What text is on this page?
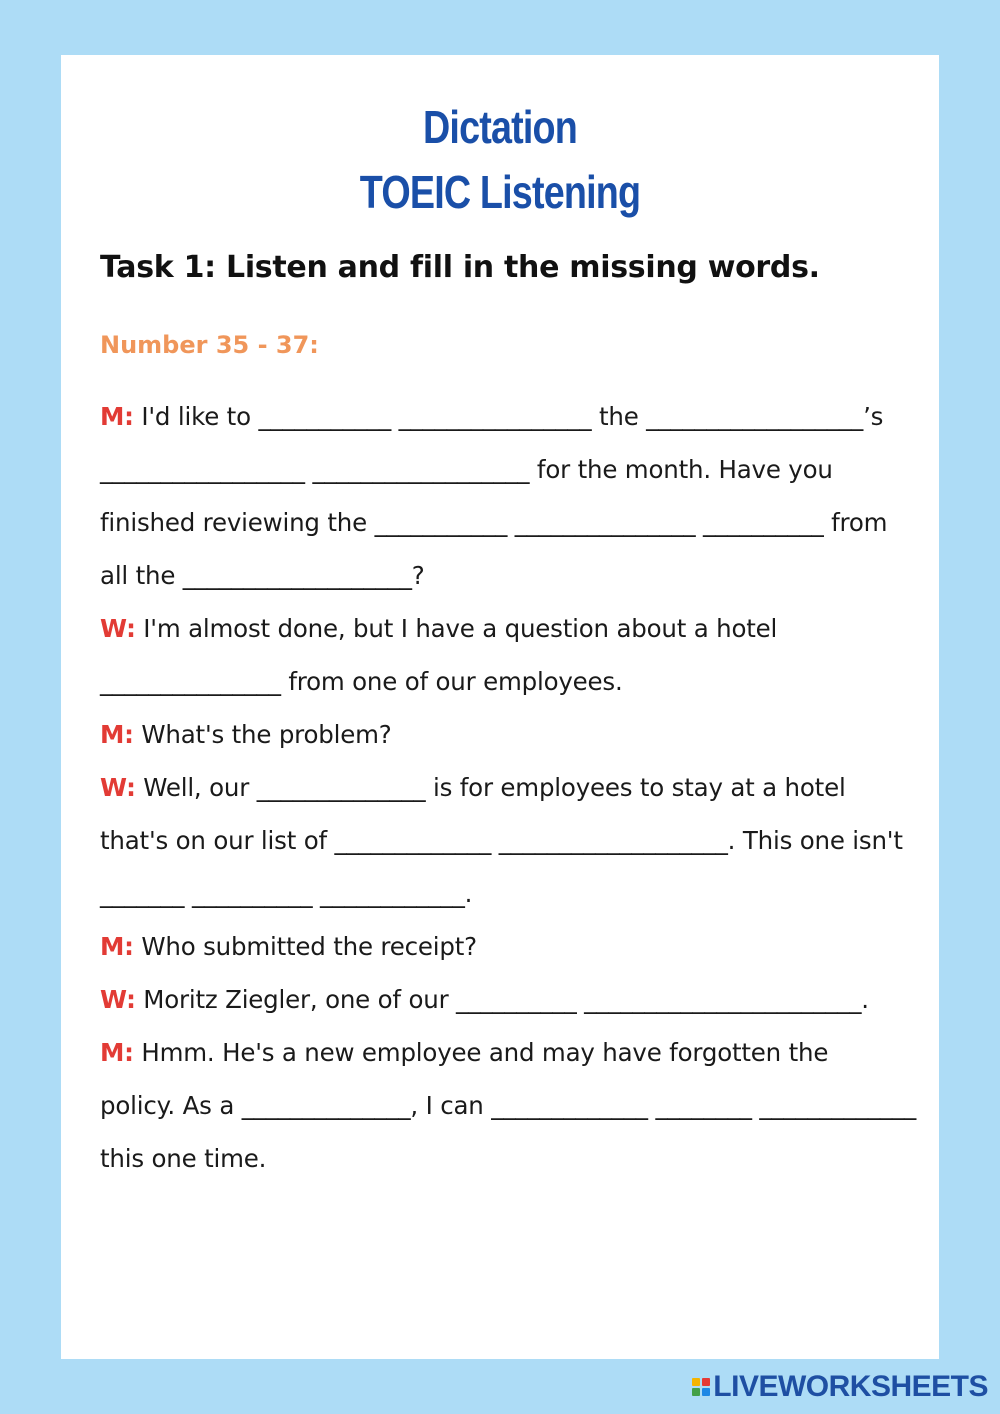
Dictation
TOEIC Listening
Task 1: Listen and fill in the missing words.
Number 35 - 37:
M: I'd like to ___________ ________________ the __________________’s
_________________ __________________ for the month. Have you
finished reviewing the ___________ _______________ __________ from
all the ___________________?
W: I'm almost done, but I have a question about a hotel
_______________ from one of our employees.
M: What's the problem?
W: Well, our ______________ is for employees to stay at a hotel
that's on our list of _____________ ___________________. This one isn't
_______ __________ ____________.
M: Who submitted the receipt?
W: Moritz Ziegler, one of our __________ _______________________.
M: Hmm. He's a new employee and may have forgotten the
policy. As a ______________, I can _____________ ________ _____________
this one time.
LIVEWORKSHEETS
